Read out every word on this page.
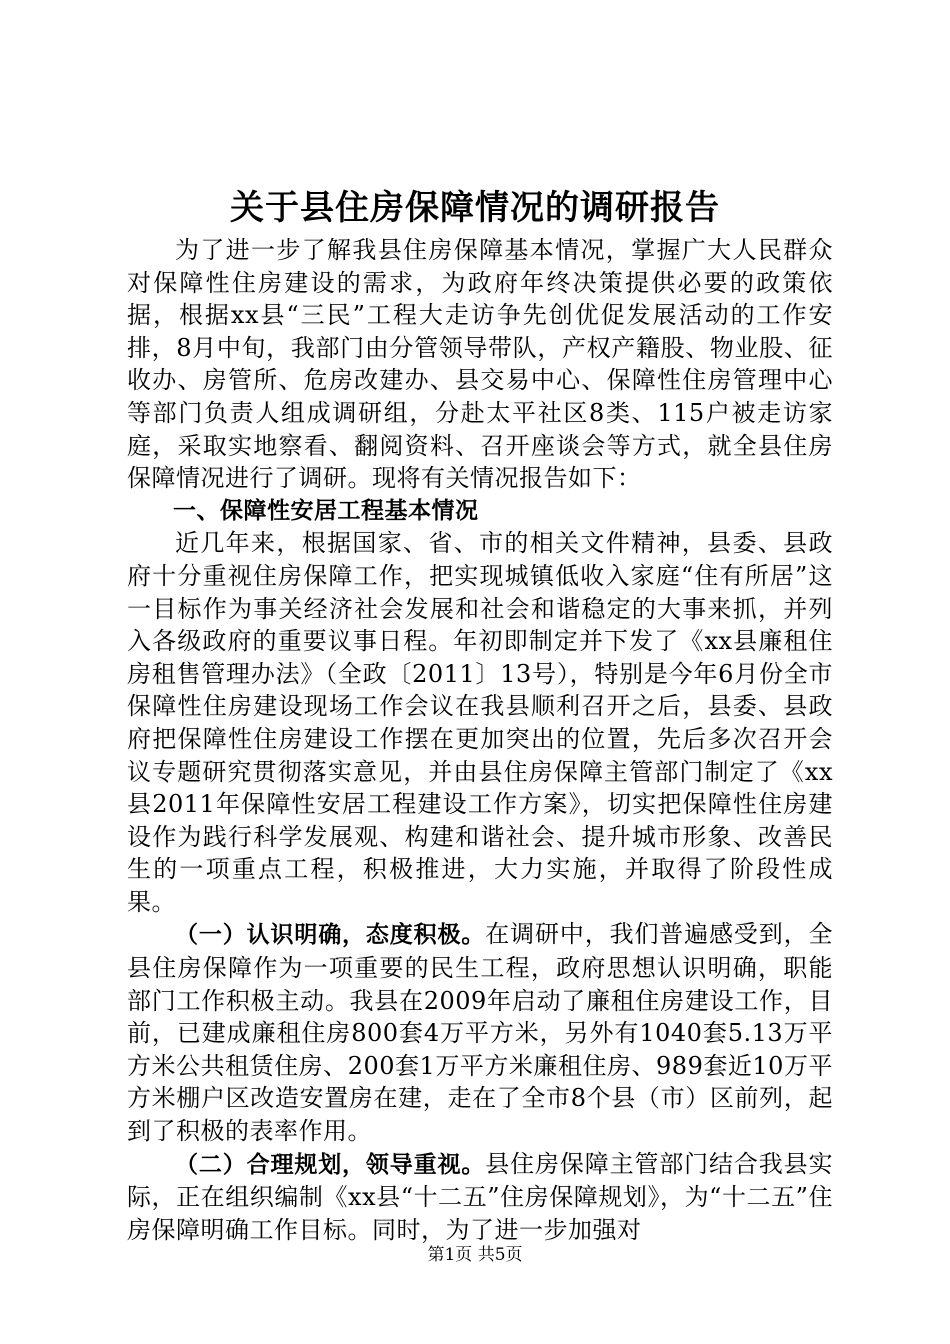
关于县住房保障情况的调研报告

为了进一步了解我县住房保障基本情况，掌握广大人民群众对保障性住房建设的需求，为政府年终决策提供必要的政策依据，根据xx县“三民”工程大走访争先创优促发展活动的工作安排，8月中旬，我部门由分管领导带队，产权产籍股、物业股、征收办、房管所、危房改建办、县交易中心、保障性住房管理中心等部门负责人组成调研组，分赴太平社区8类、115户被走访家庭，采取实地察看、翻阅资料、召开座谈会等方式，就全县住房保障情况进行了调研。现将有关情况报告如下：

一、保障性安居工程基本情况

近几年来，根据国家、省、市的相关文件精神，县委、县政府十分重视住房保障工作，把实现城镇低收入家庭“住有所居”这一目标作为事关经济社会发展和社会和谐稳定的大事来抓，并列入各级政府的重要议事日程。年初即制定并下发了《xx县廉租住房租售管理办法》（全政〔2011〕13号），特别是今年6月份全市保障性住房建设现场工作会议在我县顺利召开之后，县委、县政府把保障性住房建设工作摆在更加突出的位置，先后多次召开会议专题研究贯彻落实意见，并由县住房保障主管部门制定了《xx县2011年保障性安居工程建设工作方案》，切实把保障性住房建设作为践行科学发展观、构建和谐社会、提升城市形象、改善民生的一项重点工程，积极推进，大力实施，并取得了阶段性成果。

（一）认识明确，态度积极。在调研中，我们普遍感受到，全县住房保障作为一项重要的民生工程，政府思想认识明确，职能部门工作积极主动。我县在2009年启动了廉租住房建设工作，目前，已建成廉租住房800套4万平方米，另外有1040套5.13万平方米公共租赁住房、200套1万平方米廉租住房、989套近10万平方米棚户区改造安置房在建，走在了全市8个县（市）区前列，起到了积极的表率作用。

（二）合理规划，领导重视。县住房保障主管部门结合我县实际，正在组织编制《xx县“十二五”住房保障规划》，为“十二五”住房保障明确工作目标。同时，为了进一步加强对

第1页 共5页
